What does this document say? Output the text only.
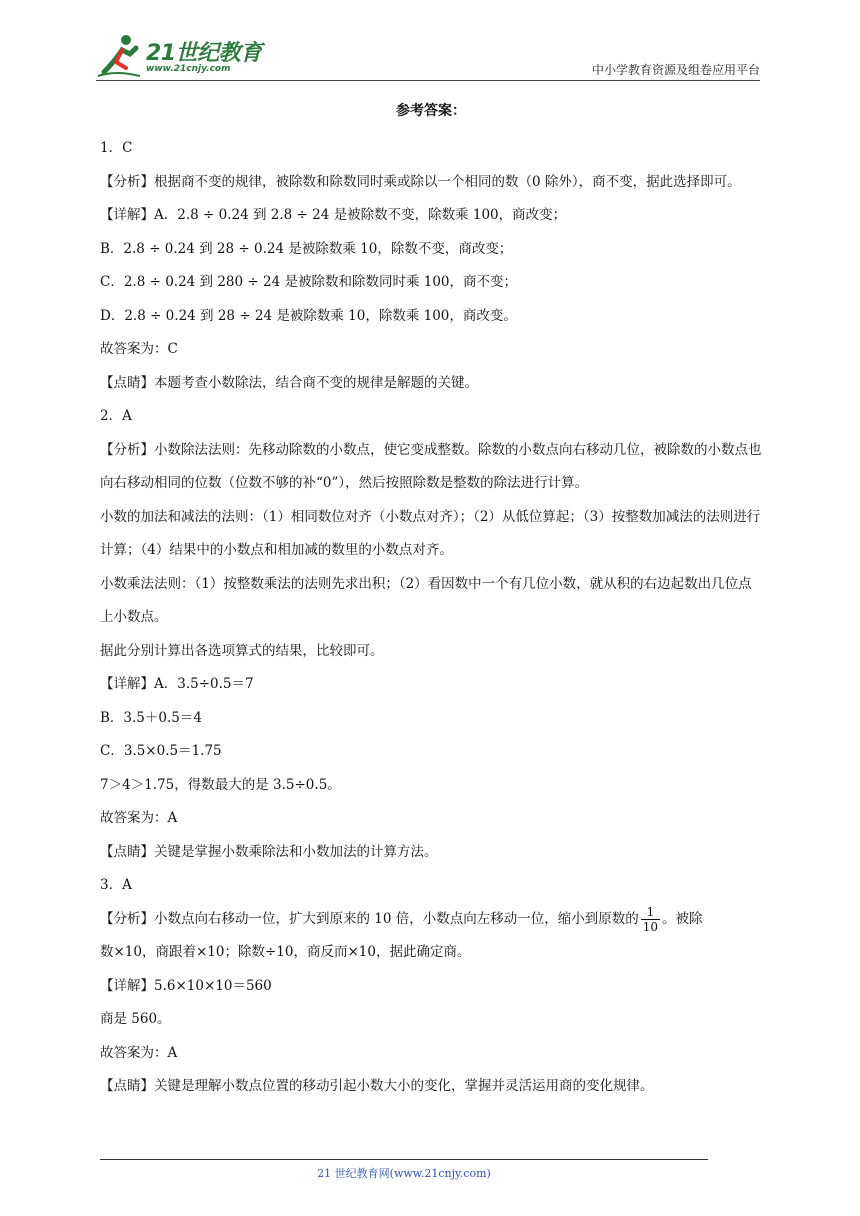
21世纪教育
www.21cnjy.com	中小学教育资源及组卷应用平台

参考答案：

1．C

【分析】根据商不变的规律，被除数和除数同时乘或除以一个相同的数（0 除外），商不变，据此选择即可。

【详解】A．2.8 ÷ 0.24 到 2.8 ÷ 24 是被除数不变，除数乘 100，商改变；

B．2.8 ÷ 0.24 到 28 ÷ 0.24 是被除数乘 10，除数不变，商改变；

C．2.8 ÷ 0.24 到 280 ÷ 24 是被除数和除数同时乘 100，商不变；

D．2.8 ÷ 0.24 到 28 ÷ 24 是被除数乘 10，除数乘 100，商改变。

故答案为：C

【点睛】本题考查小数除法，结合商不变的规律是解题的关键。

2．A

【分析】小数除法法则：先移动除数的小数点，使它变成整数。除数的小数点向右移动几位，被除数的小数点也向右移动相同的位数（位数不够的补“0”），然后按照除数是整数的除法进行计算。

小数的加法和减法的法则：（1）相同数位对齐（小数点对齐）；（2）从低位算起；（3）按整数加减法的法则进行计算；（4）结果中的小数点和相加减的数里的小数点对齐。

小数乘法法则：（1）按整数乘法的法则先求出积；（2）看因数中一个有几位小数，就从积的右边起数出几位点上小数点。

据此分别计算出各选项算式的结果，比较即可。

【详解】A．3.5÷0.5＝7

B．3.5＋0.5＝4

C．3.5×0.5＝1.75

7＞4＞1.75，得数最大的是 3.5÷0.5。

故答案为：A

【点睛】关键是掌握小数乘除法和小数加法的计算方法。

3．A

【分析】小数点向右移动一位，扩大到原来的 10 倍，小数点向左移动一位，缩小到原数的 $\frac{1}{10}$ 。被除

数×10，商跟着×10；除数÷10，商反而×10，据此确定商。

【详解】5.6×10×10＝560

商是 560。

故答案为：A

【点睛】关键是理解小数点位置的移动引起小数大小的变化，掌握并灵活运用商的变化规律。

21 世纪教育网(www.21cnjy.com)
